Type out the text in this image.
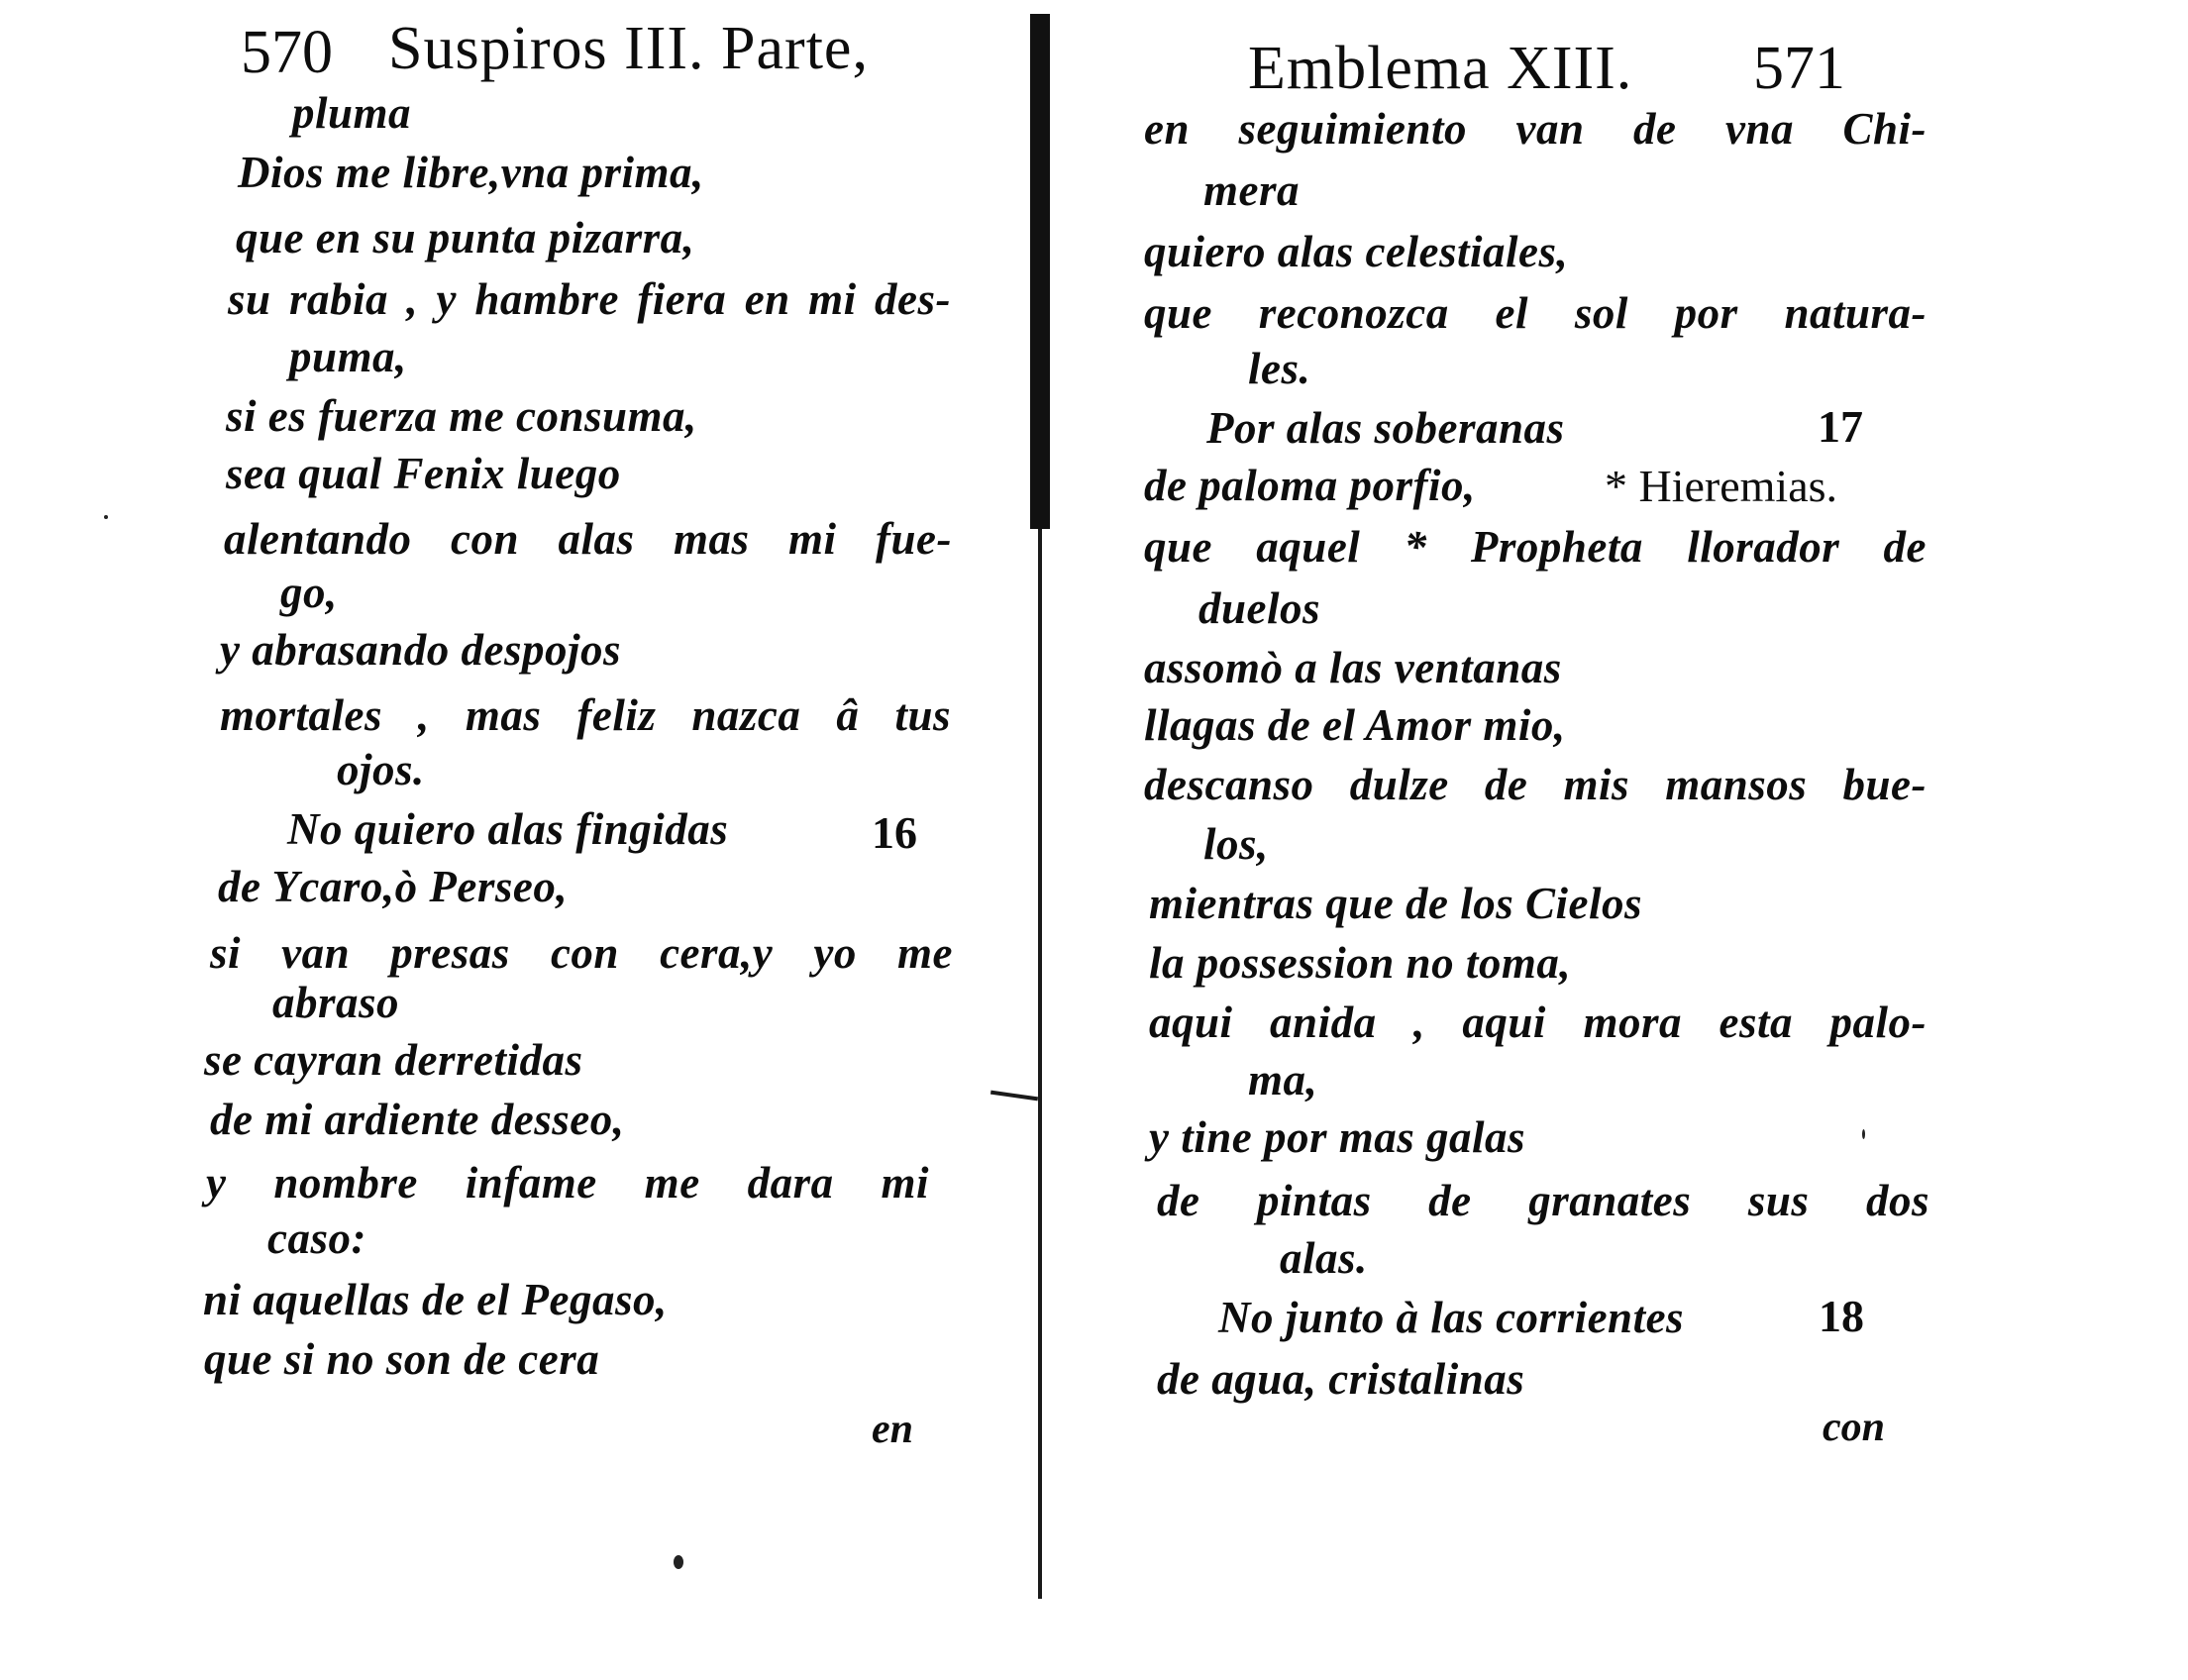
570 Suspiros III. Parte,
pluma
Dios me libre,vna prima,
que en su punta pizarra,
su rabia , y hambre fiera en mi des-
puma,
si es fuerza me consuma,
sea qual Fenix luego
alentando con alas mas mi fue-
go,
y abrasando despojos
mortales , mas feliz nazca â tus
ojos.
No quiero alas fingidas	16
de Ycaro,ò Perseo,
si van presas con cera,y yo me
abraso
se cayran derretidas
de mi ardiente desseo,
y nombre infame me dara mi
caso:
ni aquellas de el Pegaso,
que si no son de cera
en
Emblema XIII. 571
en seguimiento van de vna Chi-
mera
quiero alas celestiales,
que reconozca el sol por natura-
les.
Por alas soberanas	17
de paloma porfio,	* Hieremias.
que aquel * Propheta llorador de
duelos
assomò a las ventanas
llagas de el Amor mio,
descanso dulze de mis mansos bue-
los,
mientras que de los Cielos
la possession no toma,
aqui anida , aqui mora esta palo-
ma,
y tine por mas galas
de pintas de granates sus dos
alas.
No junto à las corrientes	18
de agua, cristalinas
con
